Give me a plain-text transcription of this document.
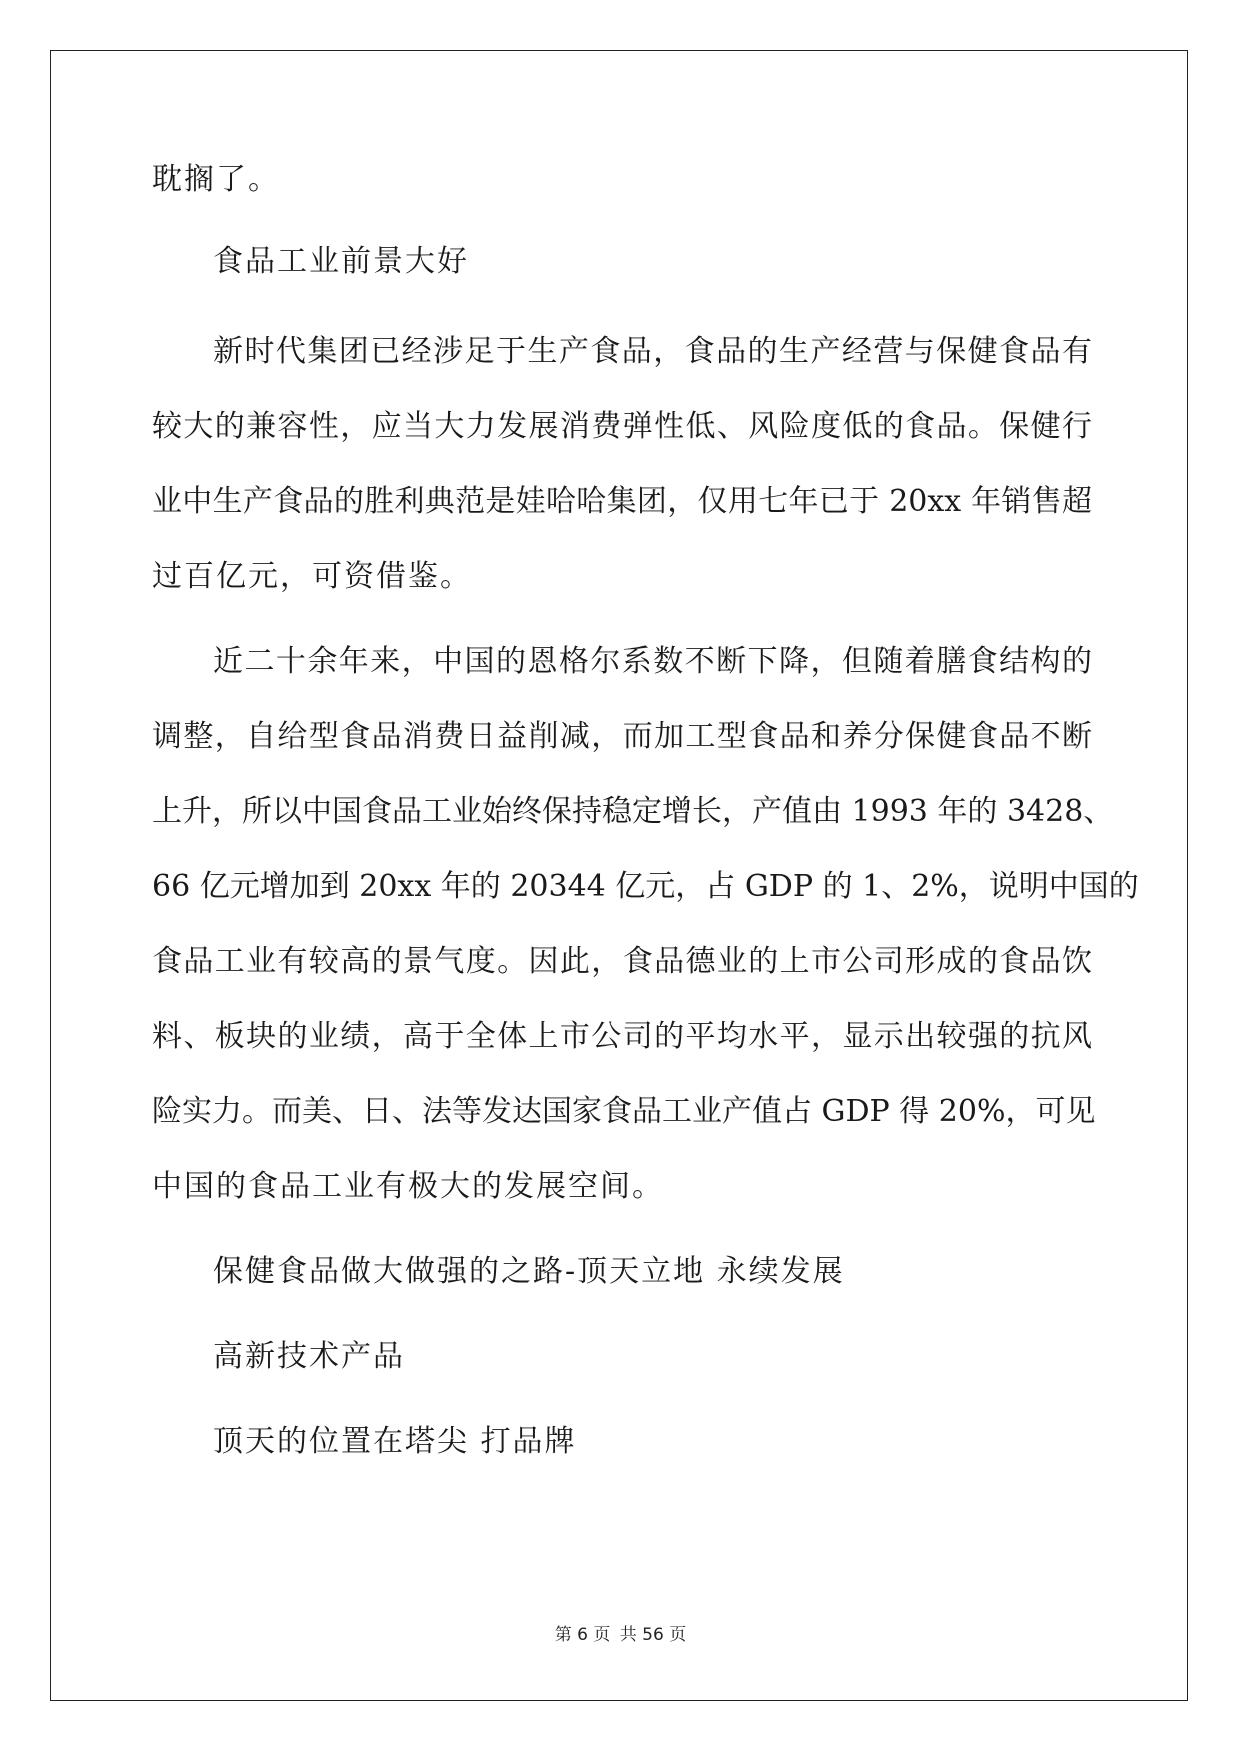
耽搁了。
食品工业前景大好
新时代集团已经涉足于生产食品，食品的生产经营与保健食品有
较大的兼容性，应当大力发展消费弹性低、风险度低的食品。保健行
业中生产食品的胜利典范是娃哈哈集团，仅用七年已于 20xx 年销售超
过百亿元，可资借鉴。
近二十余年来，中国的恩格尔系数不断下降，但随着膳食结构的
调整，自给型食品消费日益削减，而加工型食品和养分保健食品不断
上升，所以中国食品工业始终保持稳定增长，产值由 1993 年的 3428、
66 亿元增加到 20xx 年的 20344 亿元，占 GDP 的 1、2%，说明中国的
食品工业有较高的景气度。因此，食品德业的上市公司形成的食品饮
料、板块的业绩，高于全体上市公司的平均水平，显示出较强的抗风
险实力。而美、日、法等发达国家食品工业产值占 GDP 得 20%，可见
中国的食品工业有极大的发展空间。
保健食品做大做强的之路-顶天立地 永续发展
高新技术产品
顶天的位置在塔尖 打品牌
第 6 页 共 56 页
